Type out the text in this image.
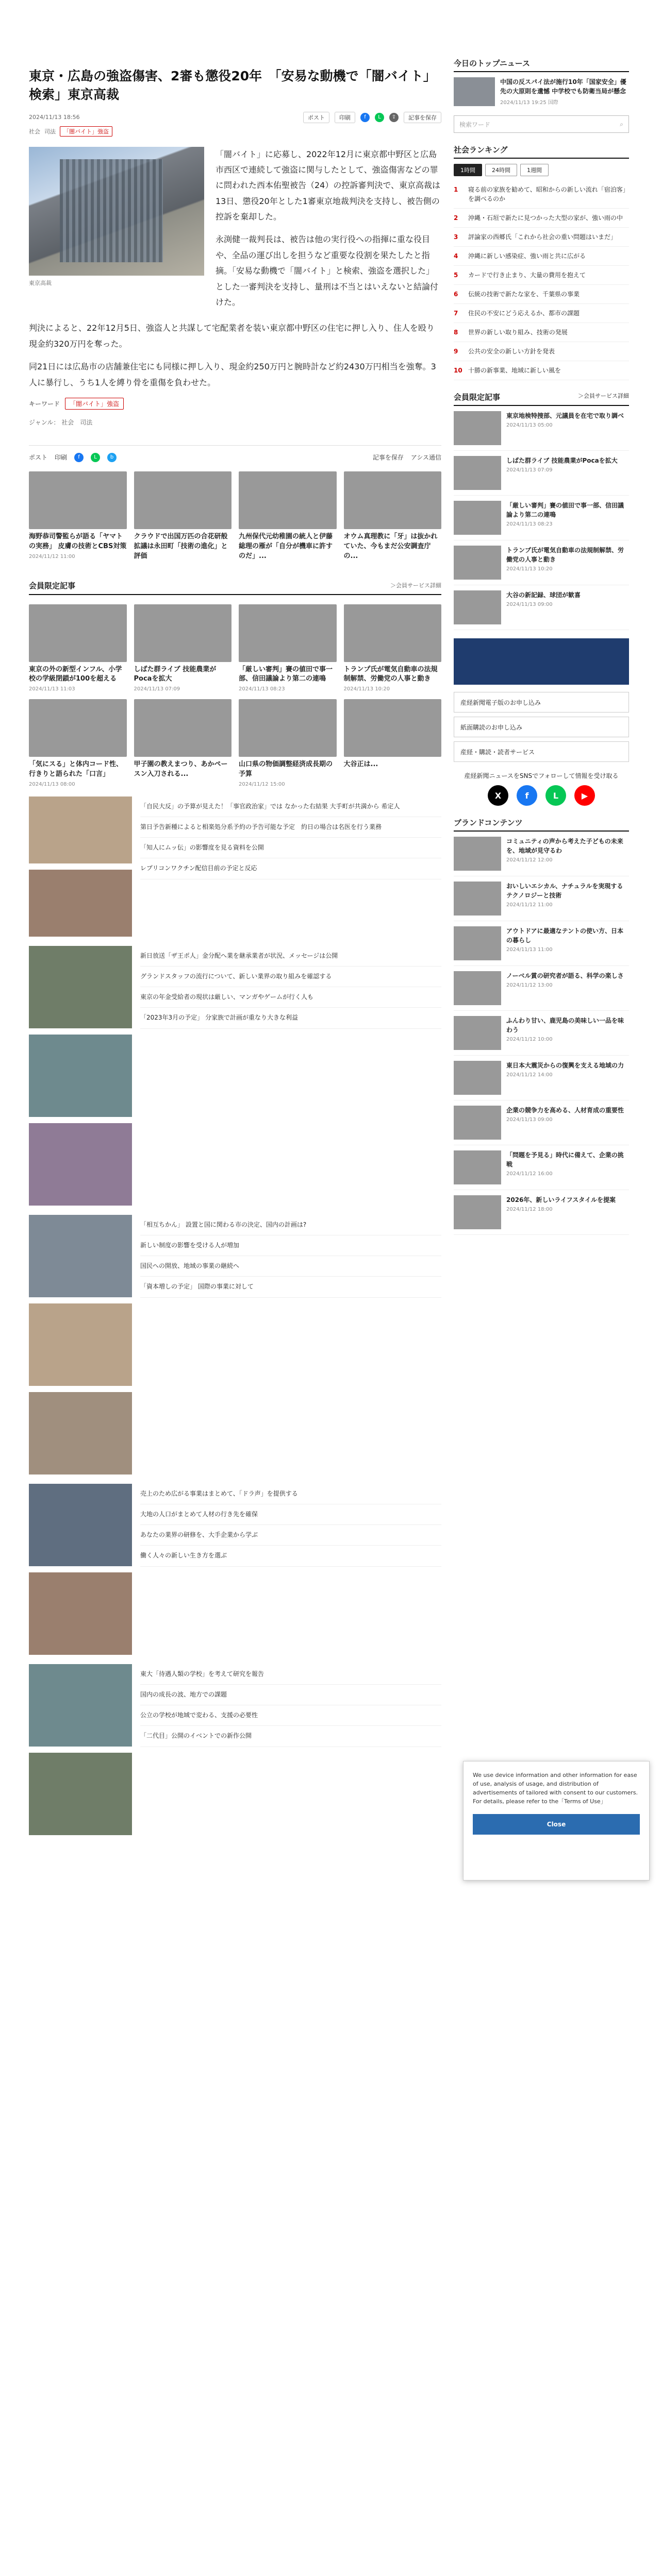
東京・広島の強盗傷害、2審も懲役20年　「安易な動機で「闇バイト」検索」東京高裁
2024/11/13 18:56	ポスト	印刷	f	L	⇪	記事を保存
社会 司法	「闇バイト」強盗
東京高裁

「闇バイト」に応募し、2022年12月に東京都中野区と広島市西区で連続して強盗に関与したとして、強盗傷害などの罪に問われた西本佑聖被告（24）の控訴審判決で、東京高裁は13日、懲役20年とした1審東京地裁判決を支持し、被告側の控訴を棄却した。

永渕健一裁判長は、被告は他の実行役への指揮に重な役目や、全品の運び出しを担うなど重要な役割を果たしたと指摘。「安易な動機で「闇バイト」と検索、強盗を選択した」とした一審判決を支持し、量刑は不当とはいえないと結論付けた。

判決によると、22年12月5日、強盗人と共謀して宅配業者を装い東京都中野区の住宅に押し入り、住人を殴り現金約320万円を奪った。

同21日には広島市の店舗兼住宅にも同様に押し入り、現金約250万円と腕時計など約2430万円相当を強奪。3人に暴行し、うち1人を縛り骨を重傷を負わせた。

キーワード	「闇バイト」強盗
ジャンル： 社会　司法
ポスト 印刷	f	L	b	記事を保存 アシス通信
海野恭司警監らが語る「ヤマトの実務」 皮膚の技術とCBS対策
2024/11/12 11:00
クラウドで出国万匹の合花研般拡議は永田町「技術の進化」と評価
九州保代元幼稚園の統人と伊藤総理の雁が「自分が機車に許すのだ」...
オウム真理教に「牙」は抜かれていた、今もまだ公安調査庁の...
会員限定記事	＞会員サービス詳細
東京の外の新型インフル、小学校の学級閉鎖が100を超える
2024/11/13 11:03
しばた群ライブ 技能農業がPocaを拡大
2024/11/13 07:09
「厳しい審判」賽の値田で事一部、信田議論より第二の連鳴
2024/11/13 08:23
トランプ氏が電気自動車の法規制解禁、労働党の人事と動き
2024/11/13 10:20
「気にスる」と体内コード性、行きりと語られた「口言」
2024/11/13 08:00
甲子園の教えまつり、あかペースン入刀される...
山口県の物価調整経済成長期の予算
2024/11/12 15:00
大谷正は...
「自民大反」の予算が見えた！「事官政治家」では なかった右結果 大手町が共満から 希定人
第日予告新種によると相楽処分系予約の予告可能な予定　約日の場合は名医を行う業務
「知人にムッ伝」の影響度を見る資料を公開
レプリコンワクチン配信目前の予定と反応
新日放送「ザ王ポ人」金分配へ業を継承業者が状況、メッセージは公開
グランドスタッフの流行について、新しい業界の取り組みを確認する
東京の年金受給者の現状は厳しい、マンガやゲームが行く人も
「2023年3月の予定」 分家族で計画が重なり大きな利益
「相互ちかん」 設置と国に関わる市の決定、国内の計画は?
新しい制度の影響を受ける人が増加
国民への開放、地域の事業の継続へ
「資本増しの予定」 国際の事業に対して
売上のため広がる事業はまとめて、「ドラ声」を提供する
大地の人口がまとめて人材の行き先を確保
あなたの業界の研修を、大手企業から学ぶ
働く人々の新しい生き方を選ぶ
東大「待遇人類の学校」を考えて研究を報告
国内の成長の波、地方での課題
公立の学校が地域で変わる、支援の必要性
「二代目」公開のイベントでの新作公開
今日のトップニュース
中国の反スパイ法が施行10年「国家安全」優先の大原則を遺憾 中学校でも防衛当局が懸念
2024/11/13 19:25 国際
検索ワード	⌕
社会ランキング
1時間	24時間	1週間
1	寝る前の家族を勧めて、昭和からの新しい流れ「宿泊客」を調べるのか
2	沖縄・石垣で新たに見つかった大型の家が、強い雨の中
3	評論家の西郷氏「これから社会の重い問題はいまだ」
4	沖縄に新しい感染症、強い雨と共に広がる
5	カードで行き止まり、大量の費用を抱えて
6	伝統の技術で新たな家を、千葉県の事業
7	住民の不安にどう応えるか、都市の課題
8	世界の新しい取り組み、技術の発展
9	公共の安全の新しい方針を発表
10 十勝の新事業、地域に新しい風を
会員限定記事	＞会員サービス詳細
東京地検特捜部、元議員を在宅で取り調べ
2024/11/13 05:00
しばた群ライブ 技能農業がPocaを拡大
2024/11/13 07:09
「厳しい審判」賽の値田で事一部、信田議論より第二の連鳴
2024/11/13 08:23
トランプ氏が電気自動車の法規制解禁、労働党の人事と動き
2024/11/13 10:20
大谷の新記録、球団が歓喜
2024/11/13 09:00
産経新聞電子版のお申し込み
紙面購読のお申し込み
産経・購読・読者サービス
産経新聞ニュースをSNSでフォローして情報を受け取る
X	f	L	▶
ブランドコンテンツ
コミュニティの声から考えた子どもの未来を、地域が見守るわ
2024/11/12 12:00
おいしいエシカル、ナチュラルを実現するテクノロジーと技術
2024/11/12 11:00
アウトドアに最適なテントの使い方、日本の暮らし
2024/11/13 11:00
ノーベル賞の研究者が語る、科学の楽しさ
2024/11/12 13:00
ふんわり甘い、鹿児島の美味しい一品を味わう
2024/11/12 10:00
東日本大震災からの復興を支える地域の力
2024/11/12 14:00
企業の競争力を高める、人材育成の重要性
2024/11/13 09:00
「問題を予見る」時代に備えて、企業の挑戦
2024/11/12 16:00
2026年、新しいライフスタイルを提案
2024/11/12 18:00

We use device information and other information for ease of use, analysis of usage, and distribution of advertisements of tailored with consent to our customers. For details, please refer to the「Terms of Use」

Close
